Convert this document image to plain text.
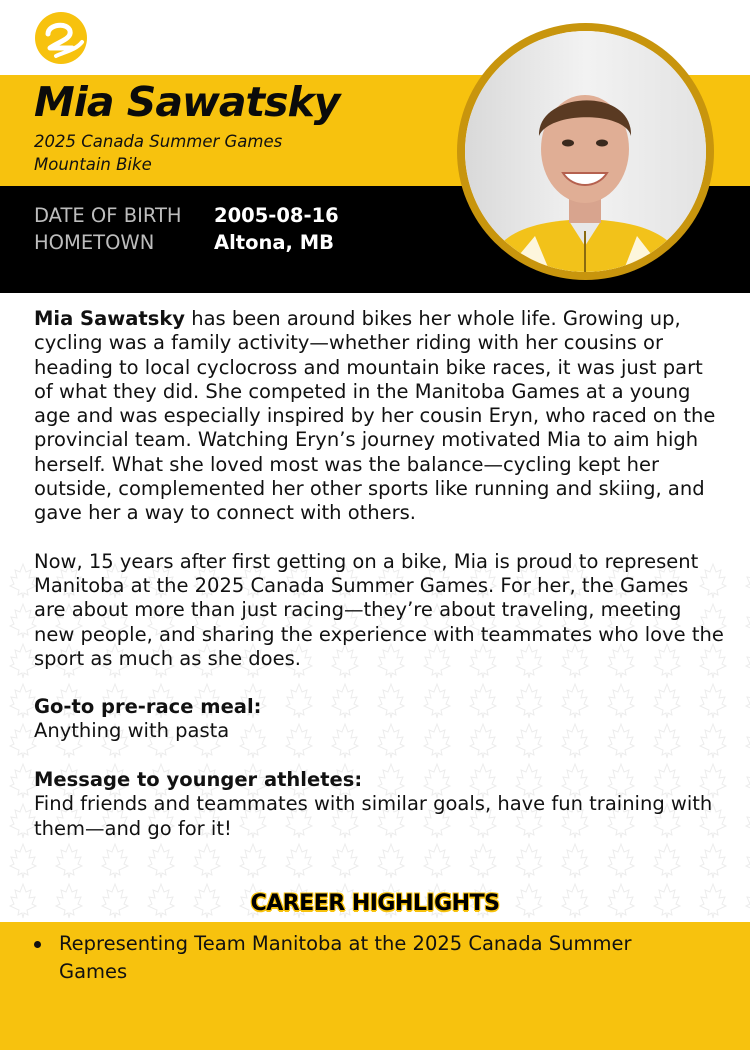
Mia Sawatsky
2025 Canada Summer Games
Mountain Bike
DATE OF BIRTH	2005-08-16
HOMETOWN	Altona, MB

Mia Sawatsky has been around bikes her whole life. Growing up, cycling was a family activity—whether riding with her cousins or heading to local cyclocross and mountain bike races, it was just part of what they did. She competed in the Manitoba Games at a young age and was especially inspired by her cousin Eryn, who raced on the provincial team. Watching Eryn’s journey motivated Mia to aim high herself. What she loved most was the balance—cycling kept her outside, complemented her other sports like running and skiing, and gave her a way to connect with others.

Now, 15 years after first getting on a bike, Mia is proud to represent Manitoba at the 2025 Canada Summer Games. For her, the Games are about more than just racing—they’re about traveling, meeting new people, and sharing the experience with teammates who love the sport as much as she does.

Go-to pre-race meal:
Anything with pasta
Message to younger athletes:
Find friends and teammates with similar goals, have fun training with them—and go for it!
CAREER HIGHLIGHTS
Representing Team Manitoba at the 2025 Canada Summer Games
